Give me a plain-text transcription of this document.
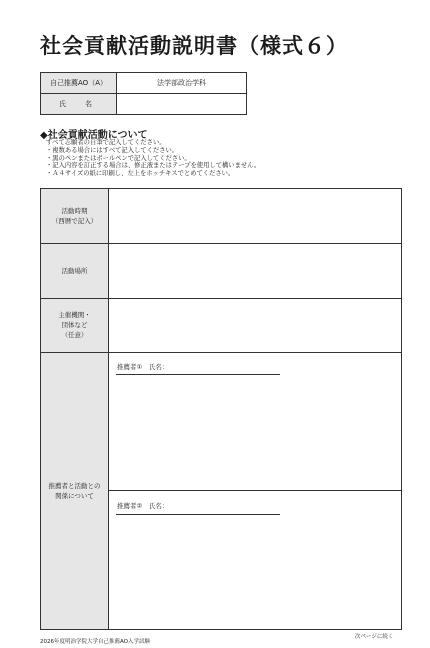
社会貢献活動説明書（様式６）
自己推薦AO（A）	法学部政治学科
氏　名	
◆社会貢献活動について
すべて志願者の自筆で記入してください。
・複数ある場合にはすべて記入してください。
・黒のペンまたはボールペンで記入してください。
・記入内容を訂正する場合は、修正液またはテープを使用して構いません。
・Ａ４サイズの紙に印刷し、左上をホッチキスでとめてください。
活動時期
（西暦で記入）
活動場所
主催機関・
団体など
（任意）
推薦者と活動との
関係について
推薦者①　氏名：
推薦者②　氏名：
2026年度明治学院大学自己推薦AO入学試験
次ページに続く
